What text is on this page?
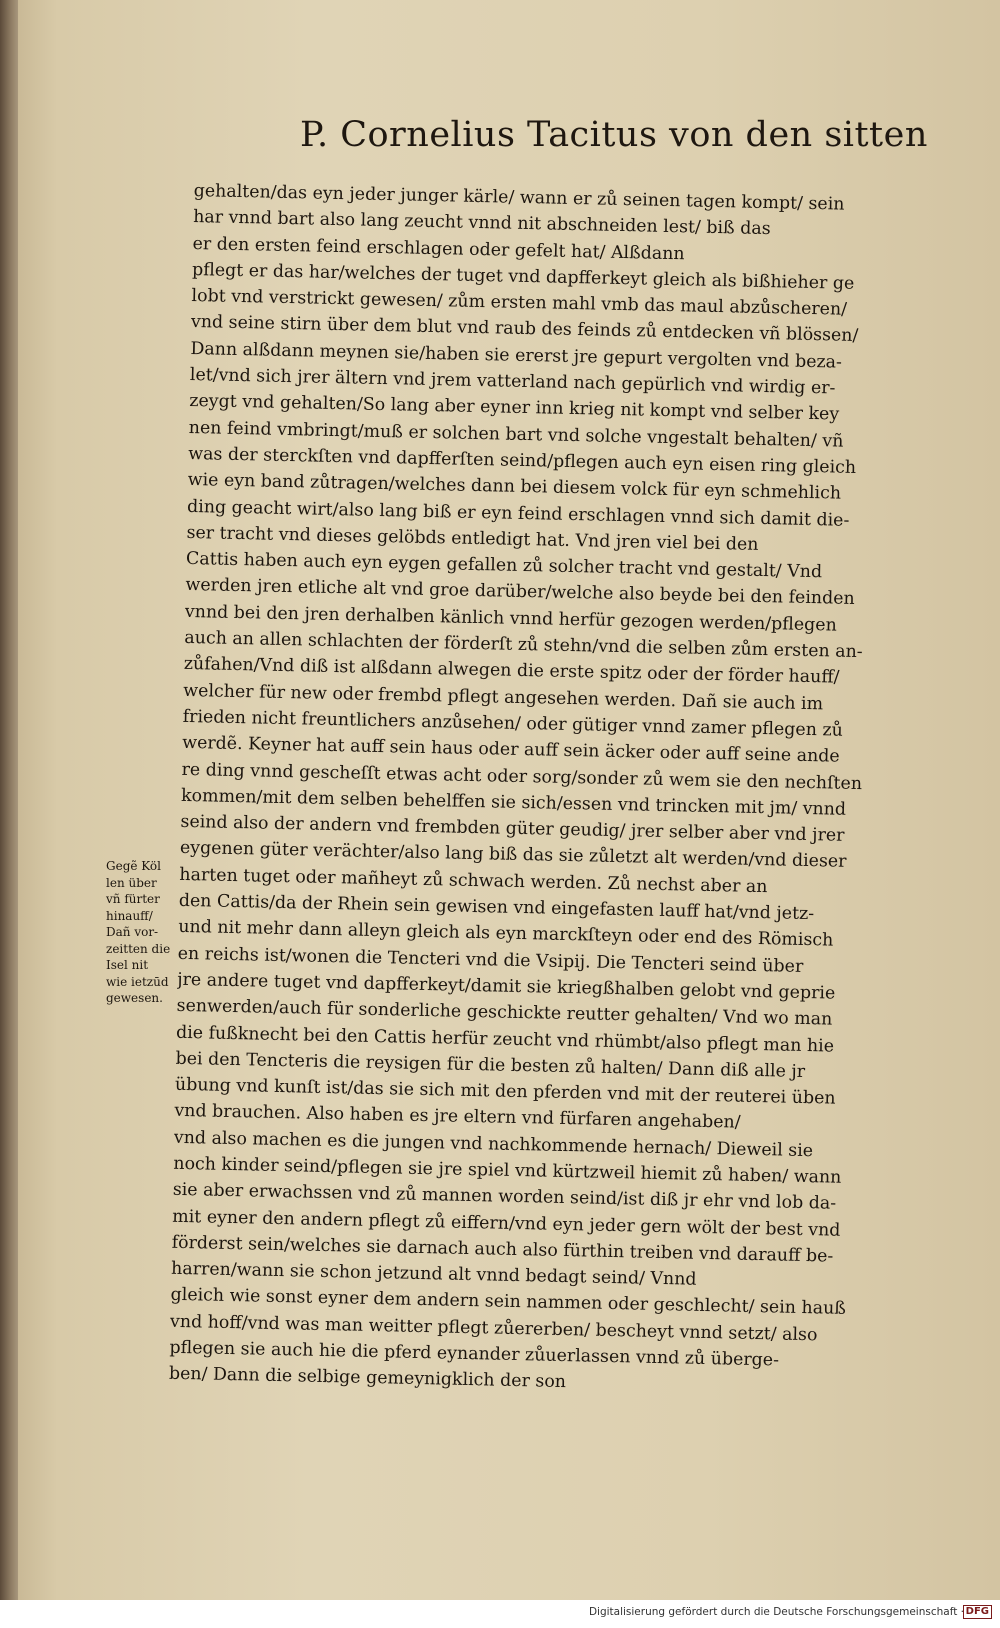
P. Cornelius Tacitus von den sitten
gehalten/das eyn jeder junger kärle/ wann er zů seinen tagen kompt/ sein
har vnnd bart also lang zeucht vnnd nit abschneiden lest/ biß das
er den ersten feind erschlagen oder gefelt hat/ Alßdann
pflegt er das har/welches der tuget vnd dapfferkeyt gleich als bißhieher ge
lobt vnd verstrickt gewesen/ zům ersten mahl vmb das maul abzůscheren/
vnd seine stirn über dem blut vnd raub des feinds zů entdecken vñ blössen/
Dann alßdann meynen sie/haben sie ererst jre gepurt vergolten vnd beza-
let/vnd sich jrer ältern vnd jrem vatterland nach gepürlich vnd wirdig er-
zeygt vnd gehalten/So lang aber eyner inn krieg nit kompt vnd selber key
nen feind vmbringt/muß er solchen bart vnd solche vngestalt behalten/ vñ
was der sterckſten vnd dapfferſten seind/pflegen auch eyn eisen ring gleich
wie eyn band zůtragen/welches dann bei diesem volck für eyn schmehlich
ding geacht wirt/also lang biß er eyn feind erschlagen vnnd sich damit die-
ser tracht vnd dieses gelöbds entledigt hat. Vnd jren viel bei den
Cattis haben auch eyn eygen gefallen zů solcher tracht vnd gestalt/ Vnd
werden jren etliche alt vnd groe darüber/welche also beyde bei den feinden
vnnd bei den jren derhalben känlich vnnd herfür gezogen werden/pflegen
auch an allen schlachten der förderſt zů stehn/vnd die selben zům ersten an-
zůfahen/Vnd diß ist alßdann alwegen die erste spitz oder der förder hauff/
welcher für new oder frembd pflegt angesehen werden. Dañ sie auch im
frieden nicht freuntlichers anzůsehen/ oder gütiger vnnd zamer pflegen zů
werdẽ. Keyner hat auff sein haus oder auff sein äcker oder auff seine ande
re ding vnnd gescheſſt etwas acht oder sorg/sonder zů wem sie den nechſten
kommen/mit dem selben behelffen sie sich/essen vnd trincken mit jm/ vnnd
seind also der andern vnd frembden güter geudig/ jrer selber aber vnd jrer
eygenen güter verächter/also lang biß das sie zůletzt alt werden/vnd dieser
harten tuget oder mañheyt zů schwach werden. Zů nechst aber an
den Cattis/da der Rhein sein gewisen vnd eingefasten lauff hat/vnd jetz-
und nit mehr dann alleyn gleich als eyn marckſteyn oder end des Römisch
en reichs ist/wonen die Tencteri vnd die Vsipij. Die Tencteri seind über
jre andere tuget vnd dapfferkeyt/damit sie kriegßhalben gelobt vnd geprie
senwerden/auch für sonderliche geschickte reutter gehalten/ Vnd wo man
die fußknecht bei den Cattis herfür zeucht vnd rhümbt/also pflegt man hie
bei den Tencteris die reysigen für die besten zů halten/ Dann diß alle jr
übung vnd kunſt ist/das sie sich mit den pferden vnd mit der reuterei üben
vnd brauchen. Also haben es jre eltern vnd fürfaren angehaben/
vnd also machen es die jungen vnd nachkommende hernach/ Dieweil sie
noch kinder seind/pflegen sie jre spiel vnd kürtzweil hiemit zů haben/ wann
sie aber erwachssen vnd zů mannen worden seind/ist diß jr ehr vnd lob da-
mit eyner den andern pflegt zů eiffern/vnd eyn jeder gern wölt der best vnd
förderst sein/welches sie darnach auch also fürthin treiben vnd darauff be-
harren/wann sie schon jetzund alt vnnd bedagt seind/ Vnnd
gleich wie sonst eyner dem andern sein nammen oder geschlecht/ sein hauß
vnd hoff/vnd was man weitter pflegt zůererben/ bescheyt vnnd setzt/ also
pflegen sie auch hie die pferd eynander zůuerlassen vnnd zů überge-
ben/ Dann die selbige gemeynigklich der son
Gegẽ Köl
len über
vñ fürter
hinauff/
Dañ vor-
zeitten die
Isel nit
wie ietzūd
gewesen.
Digitalisierung gefördert durch die Deutsche Forschungsgemeinschaft · DFG
